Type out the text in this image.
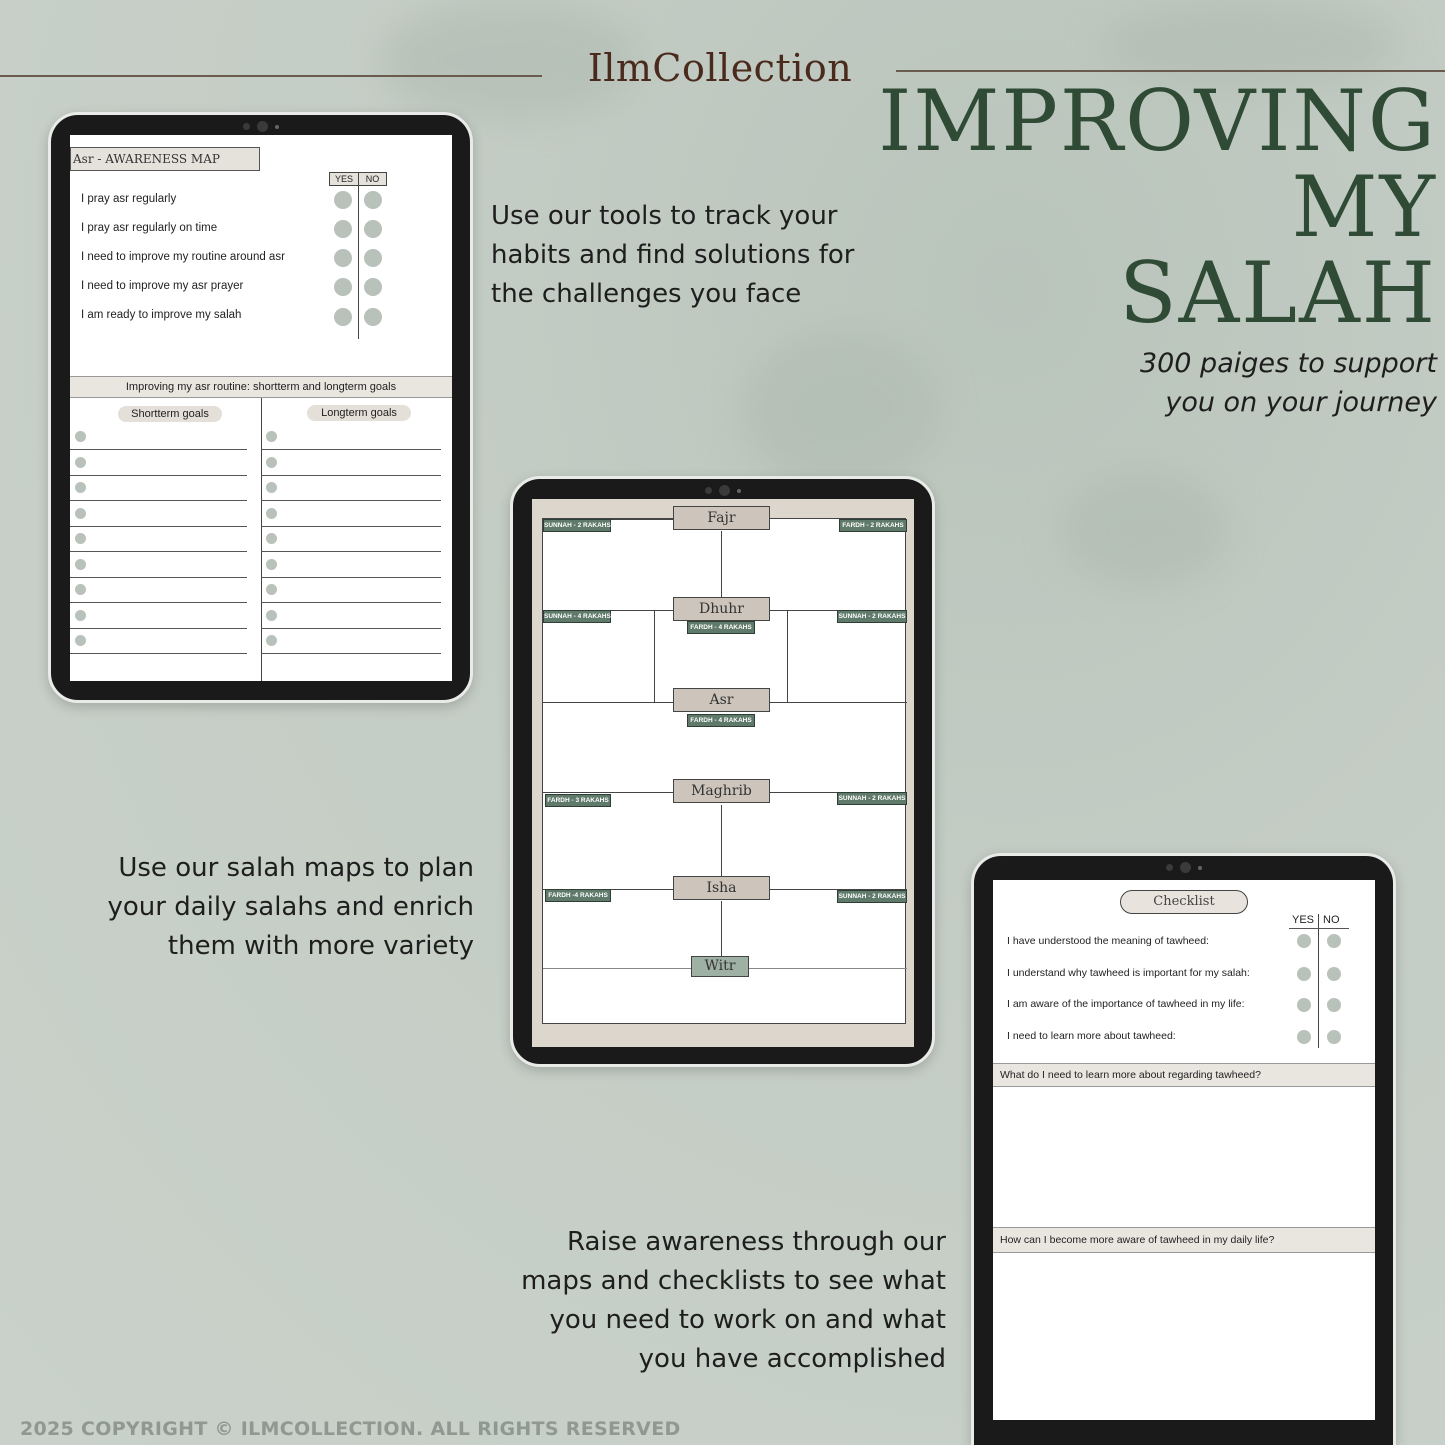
IlmCollection
IMPROVING
MY
SALAH
300 paiges to support
you on your journey
Use our tools to track your
habits and find solutions for
the challenges you face
Use our salah maps to plan
your daily salahs and enrich
them with more variety
Raise awareness through our
maps and checklists to see what
you need to work on and what
you have accomplished
2025 COPYRIGHT © ILMCOLLECTION. ALL RIGHTS RESERVED
Asr - AWARENESS MAP
YES	NO
I pray asr regularly
I pray asr regularly on time
I need to improve my routine around asr
I need to improve my asr prayer
I am ready to improve my salah
Improving my asr routine: shortterm and longterm goals
Shortterm goals	Longterm goals
Fajr
Dhuhr
Asr
Maghrib
Isha
Witr
SUNNAH - 2 RAKAHS	FARDH - 2 RAKAHS
SUNNAH - 4 RAKAHS
FARDH - 4 RAKAHS
SUNNAH - 2 RAKAHS
FARDH - 4 RAKAHS
FARDH - 3 RAKAHS	SUNNAH - 2 RAKAHS
FARDH -4 RAKAHS	SUNNAH - 2 RAKAHS	Checklist
YES NO
I have understood the meaning of tawheed:
I understand why tawheed is important for my salah:
I am aware of the importance of tawheed in my life:
I need to learn more about tawheed:
What do I need to learn more about regarding tawheed?
How can I become more aware of tawheed in my daily life?
